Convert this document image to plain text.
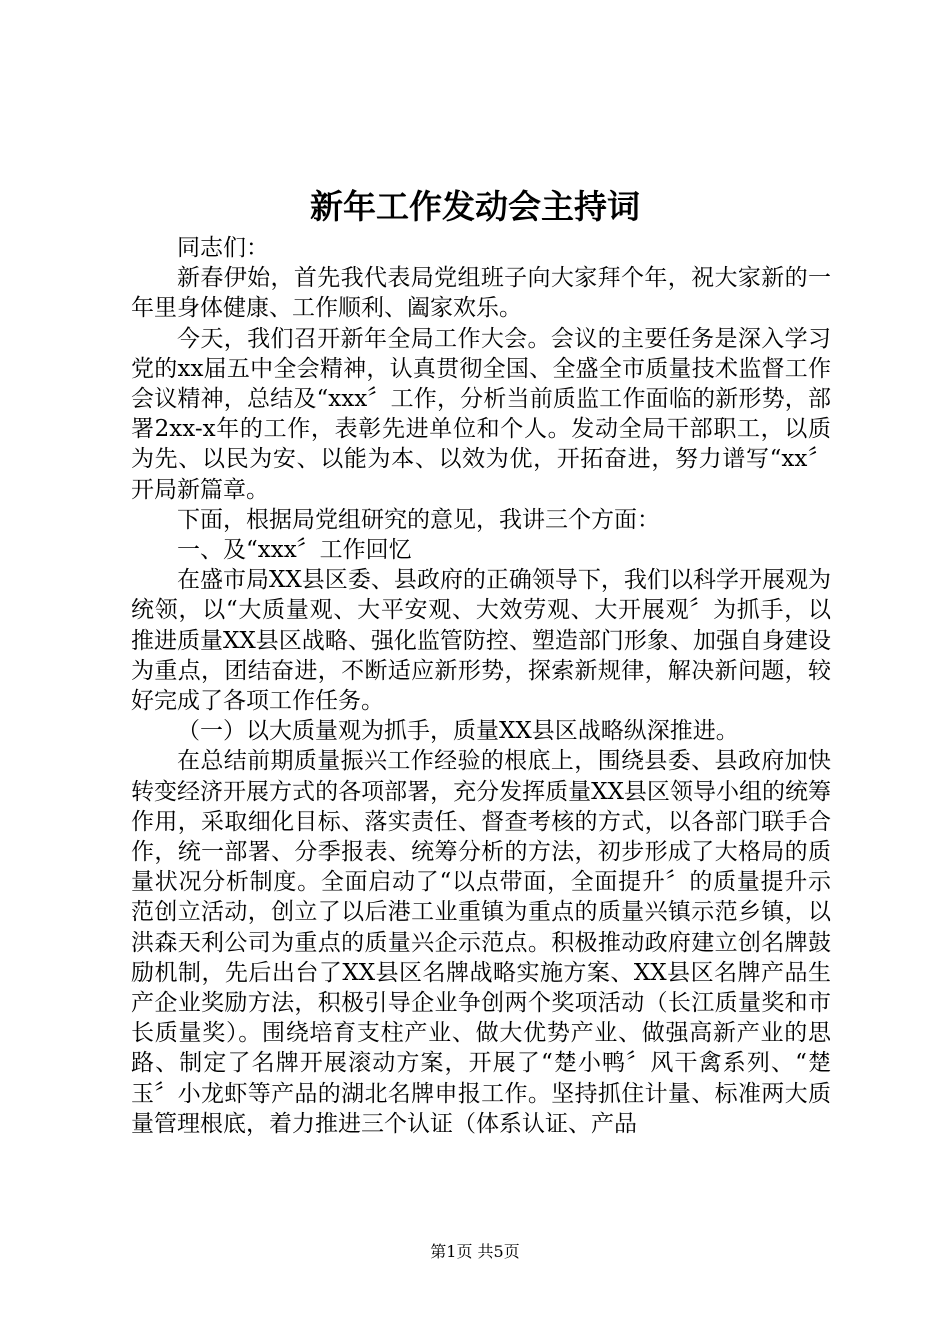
新年工作发动会主持词

同志们：

新春伊始，首先我代表局党组班子向大家拜个年，祝大家新的一年里身体健康、工作顺利、阖家欢乐。

今天，我们召开新年全局工作大会。会议的主要任务是深入学习党的xx届五中全会精神，认真贯彻全国、全盛全市质量技术监督工作会议精神，总结及“xxx〞工作，分析当前质监工作面临的新形势，部署2xx-x年的工作，表彰先进单位和个人。发动全局干部职工，以质为先、以民为安、以能为本、以效为优，开拓奋进，努力谱写“xx〞开局新篇章。

下面，根据局党组研究的意见，我讲三个方面：

一、及“xxx〞工作回忆

在盛市局XX县区委、县政府的正确领导下，我们以科学开展观为统领，以“大质量观、大平安观、大效劳观、大开展观〞为抓手，以推进质量XX县区战略、强化监管防控、塑造部门形象、加强自身建设为重点，团结奋进，不断适应新形势，探索新规律，解决新问题，较好完成了各项工作任务。

（一）以大质量观为抓手，质量XX县区战略纵深推进。

在总结前期质量振兴工作经验的根底上，围绕县委、县政府加快转变经济开展方式的各项部署，充分发挥质量XX县区领导小组的统筹作用，采取细化目标、落实责任、督查考核的方式，以各部门联手合作，统一部署、分季报表、统筹分析的方法，初步形成了大格局的质量状况分析制度。全面启动了“以点带面，全面提升〞的质量提升示范创立活动，创立了以后港工业重镇为重点的质量兴镇示范乡镇，以洪森天利公司为重点的质量兴企示范点。积极推动政府建立创名牌鼓励机制，先后出台了XX县区名牌战略实施方案、XX县区名牌产品生产企业奖励方法，积极引导企业争创两个奖项活动（长江质量奖和市长质量奖）。围绕培育支柱产业、做大优势产业、做强高新产业的思路、制定了名牌开展滚动方案，开展了“楚小鸭〞风干禽系列、“楚玉〞小龙虾等产品的湖北名牌申报工作。坚持抓住计量、标准两大质量管理根底，着力推进三个认证（体系认证、产品

第1页 共5页
